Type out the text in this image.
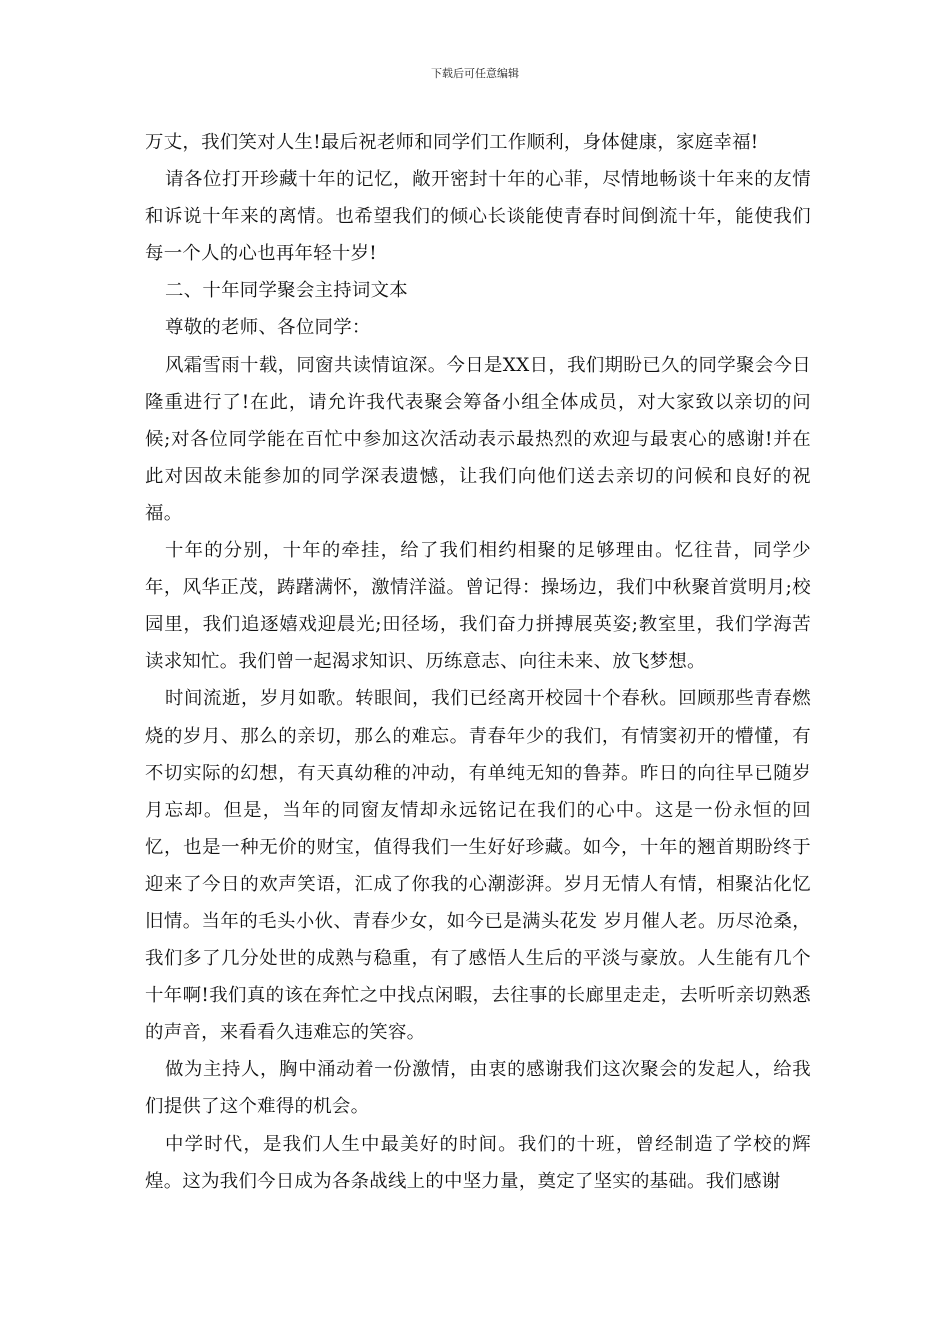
下载后可任意编辑

万丈，我们笑对人生!最后祝老师和同学们工作顺利，身体健康，家庭幸福!

请各位打开珍藏十年的记忆，敞开密封十年的心菲，尽情地畅谈十年来的友情和诉说十年来的离情。也希望我们的倾心长谈能使青春时间倒流十年，能使我们每一个人的心也再年轻十岁!

二、十年同学聚会主持词文本

尊敬的老师、各位同学：

风霜雪雨十载，同窗共读情谊深。今日是XX日，我们期盼已久的同学聚会今日隆重进行了!在此，请允许我代表聚会筹备小组全体成员，对大家致以亲切的问候;对各位同学能在百忙中参加这次活动表示最热烈的欢迎与最衷心的感谢!并在此对因故未能参加的同学深表遗憾，让我们向他们送去亲切的问候和良好的祝福。

十年的分别，十年的牵挂，给了我们相约相聚的足够理由。忆往昔，同学少年，风华正茂，踌躇满怀，激情洋溢。曾记得：操场边，我们中秋聚首赏明月;校园里，我们追逐嬉戏迎晨光;田径场，我们奋力拼搏展英姿;教室里，我们学海苦读求知忙。我们曾一起渴求知识、历练意志、向往未来、放飞梦想。

时间流逝，岁月如歌。转眼间，我们已经离开校园十个春秋。回顾那些青春燃烧的岁月、那么的亲切，那么的难忘。青春年少的我们，有情窦初开的懵懂，有不切实际的幻想，有天真幼稚的冲动，有单纯无知的鲁莽。昨日的向往早已随岁月忘却。但是，当年的同窗友情却永远铭记在我们的心中。这是一份永恒的回忆，也是一种无价的财宝，值得我们一生好好珍藏。如今，十年的翘首期盼终于迎来了今日的欢声笑语，汇成了你我的心潮澎湃。岁月无情人有情，相聚沾化忆旧情。当年的毛头小伙、青春少女，如今已是满头花发 岁月催人老。历尽沧桑，我们多了几分处世的成熟与稳重，有了感悟人生后的平淡与豪放。人生能有几个十年啊!我们真的该在奔忙之中找点闲暇，去往事的长廊里走走，去听听亲切熟悉的声音，来看看久违难忘的笑容。

做为主持人，胸中涌动着一份激情，由衷的感谢我们这次聚会的发起人，给我们提供了这个难得的机会。

中学时代，是我们人生中最美好的时间。我们的十班，曾经制造了学校的辉煌。这为我们今日成为各条战线上的中坚力量，奠定了坚实的基础。我们感谢
